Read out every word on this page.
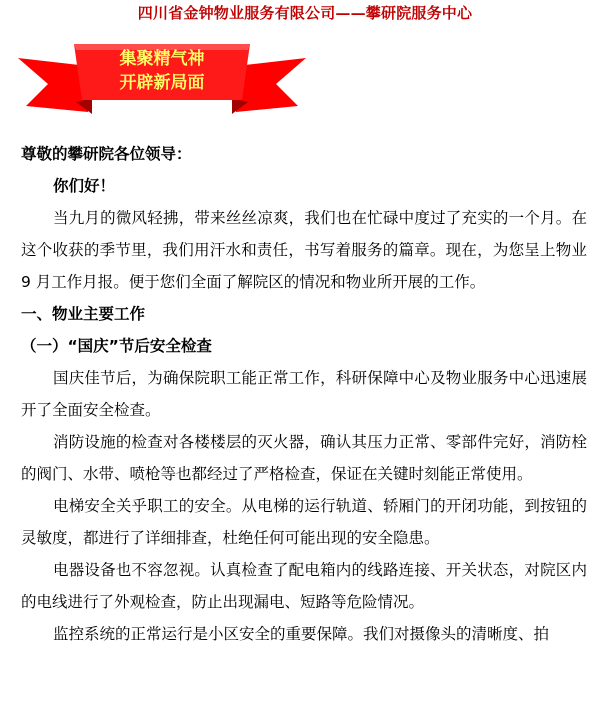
四川省金钟物业服务有限公司——攀研院服务中心
集聚精气神
开辟新局面

尊敬的攀研院各位领导：

你们好！

当九月的微风轻拂，带来丝丝凉爽，我们也在忙碌中度过了充实的一个月。在这个收获的季节里，我们用汗水和责任，书写着服务的篇章。现在，为您呈上物业 9 月工作月报。便于您们全面了解院区的情况和物业所开展的工作。

一、物业主要工作

（一）“国庆”节后安全检查

国庆佳节后，为确保院职工能正常工作，科研保障中心及物业服务中心迅速展开了全面安全检查。

消防设施的检查对各楼楼层的灭火器，确认其压力正常、零部件完好，消防栓的阀门、水带、喷枪等也都经过了严格检查，保证在关键时刻能正常使用。

电梯安全关乎职工的安全。从电梯的运行轨道、轿厢门的开闭功能，到按钮的灵敏度，都进行了详细排查，杜绝任何可能出现的安全隐患。

电器设备也不容忽视。认真检查了配电箱内的线路连接、开关状态，对院区内的电线进行了外观检查，防止出现漏电、短路等危险情况。

监控系统的正常运行是小区安全的重要保障。我们对摄像头的清晰度、拍
